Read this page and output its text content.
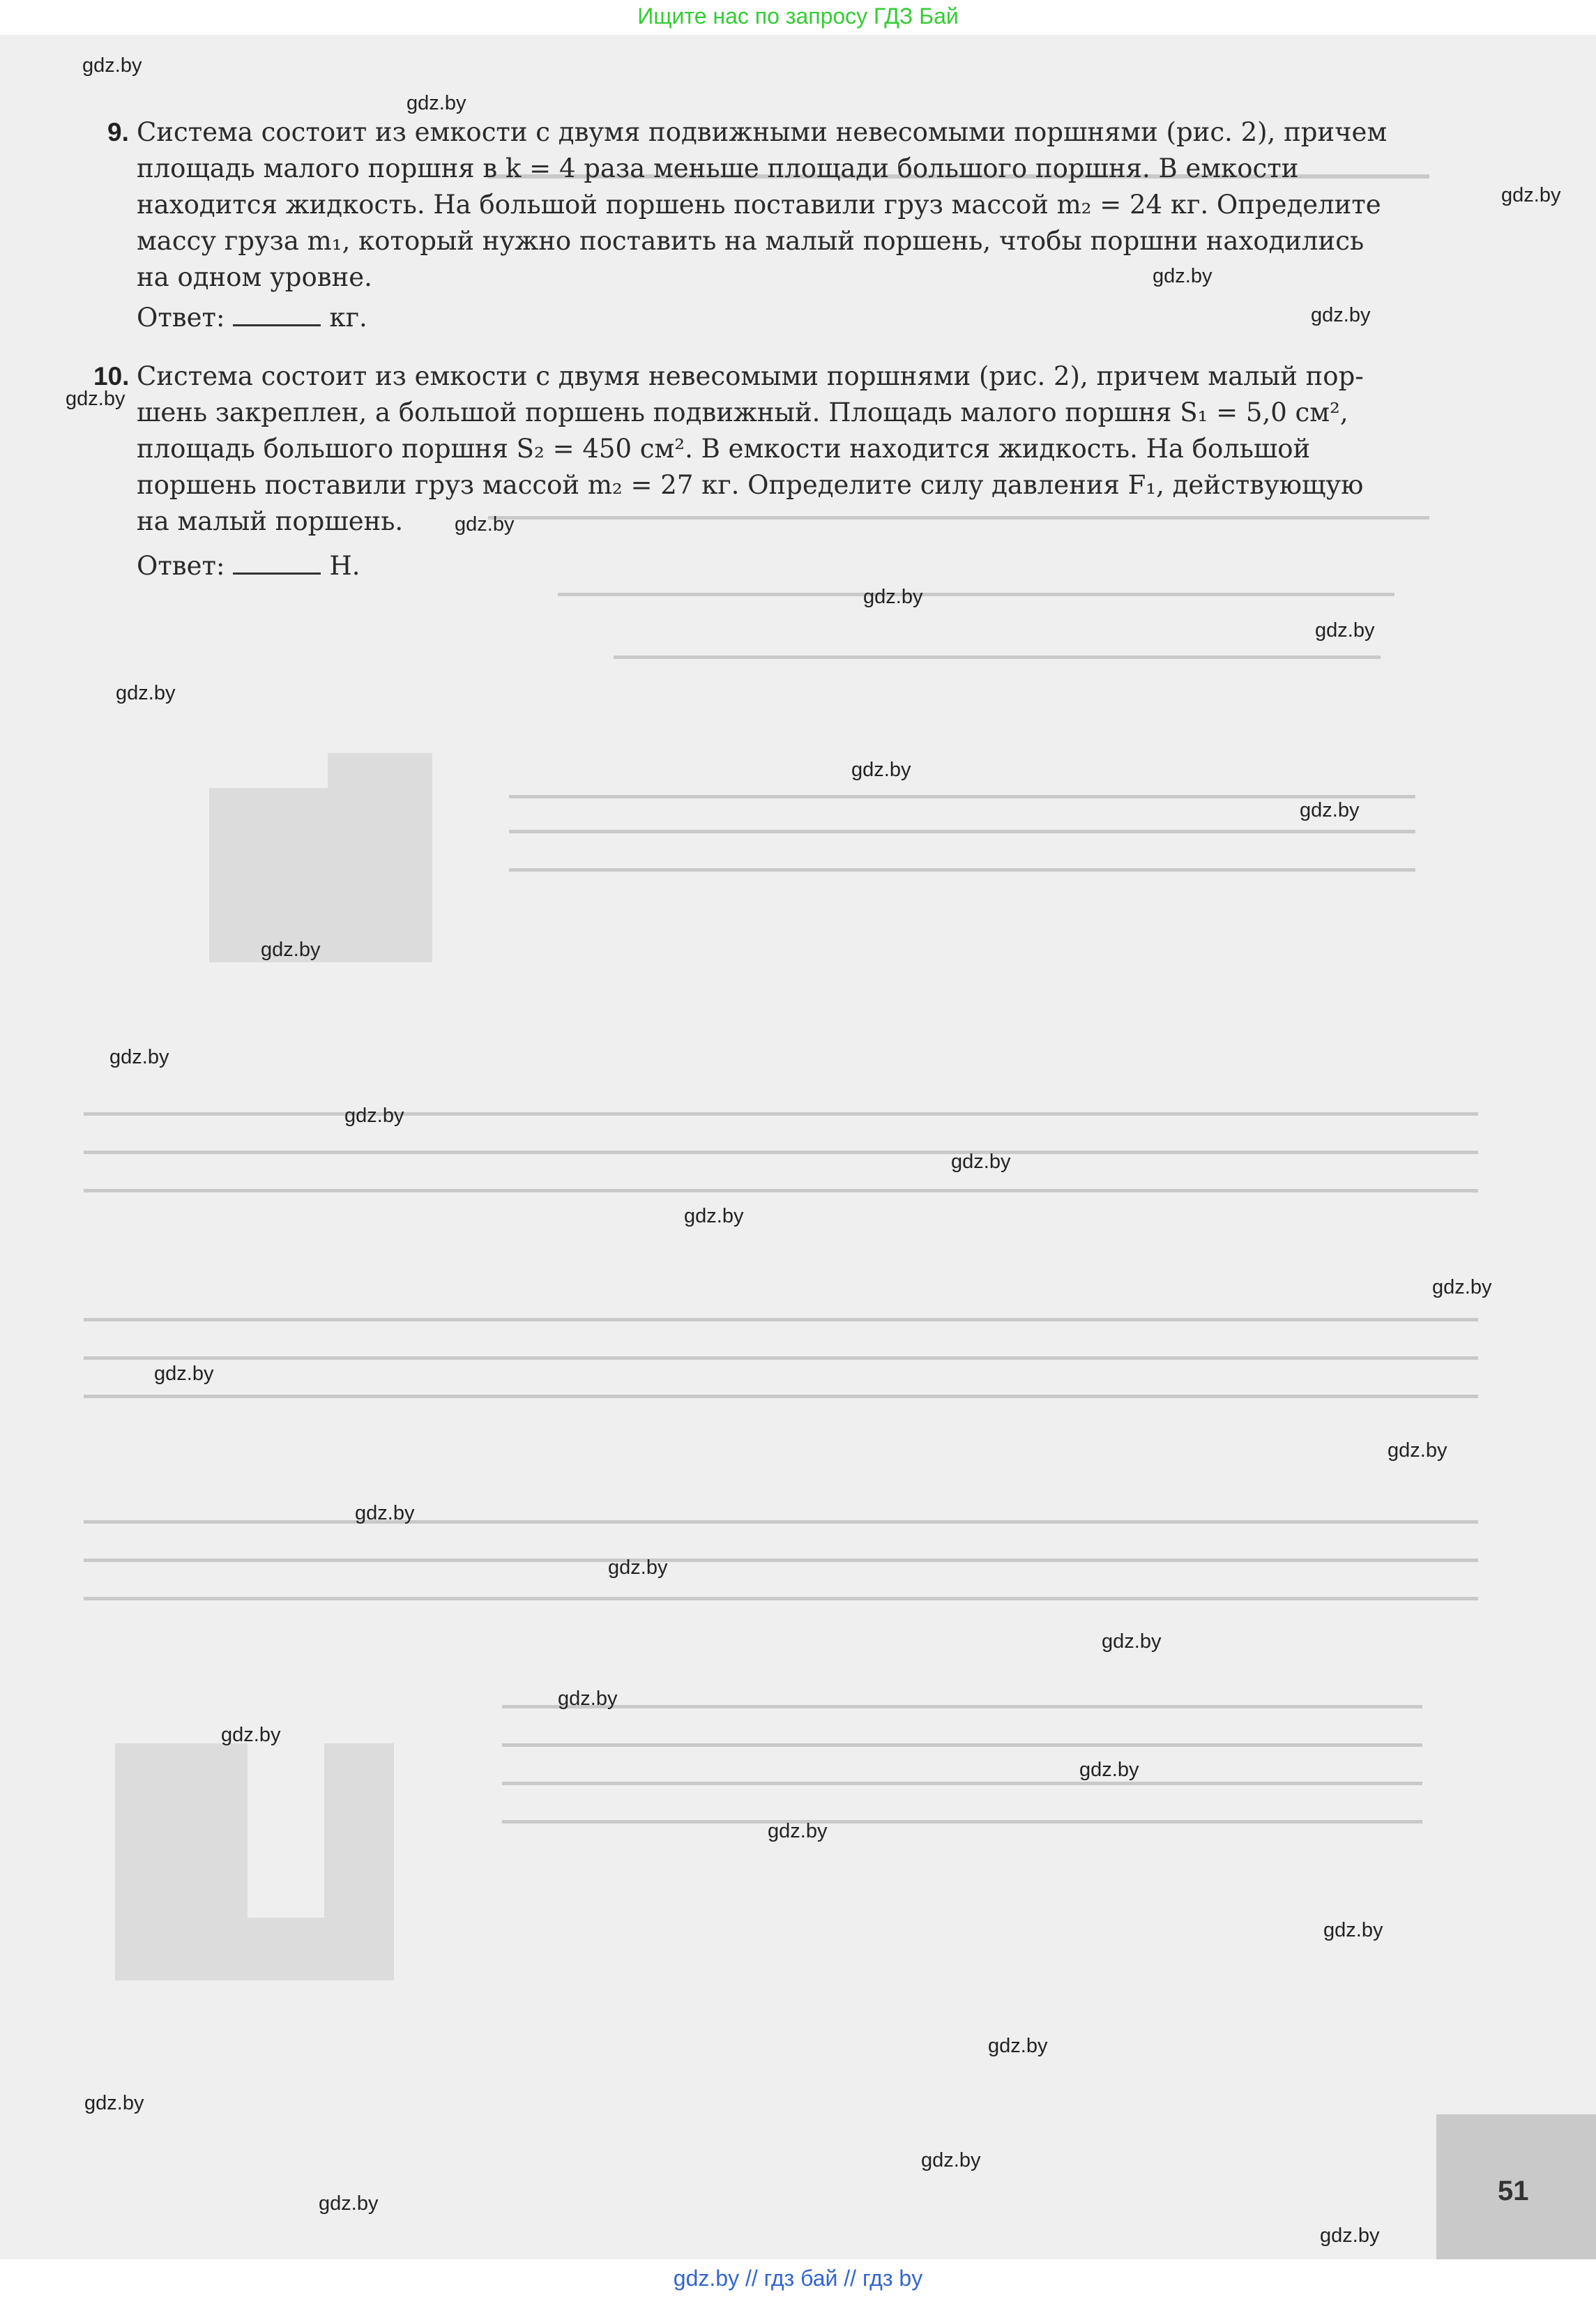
Ищите нас по запросу ГДЗ Бай
9. Система состоит из емкости с двумя подвижными невесомыми поршнями (рис. 2), причем
площадь малого поршня в k = 4 раза меньше площади большого поршня. В емкости
находится жидкость. На большой поршень поставили груз массой m₂ = 24 кг. Определите
массу груза m₁, который нужно поставить на малый поршень, чтобы поршни находились
на одном уровне.
Ответ:	кг.
10. Система состоит из емкости с двумя невесомыми поршнями (рис. 2), причем малый пор-
шень закреплен, а большой поршень подвижный. Площадь малого поршня S₁ = 5,0 см²,
площадь большого поршня S₂ = 450 см². В емкости находится жидкость. На большой
поршень поставили груз массой m₂ = 27 кг. Определите силу давления F₁, действующую
на малый поршень.
Ответ:	Н.
gdz.by
gdz.by
gdz.by
gdz.by
gdz.by
gdz.by
gdz.by
gdz.by
gdz.by
gdz.by
gdz.by
gdz.by
gdz.by
gdz.by
gdz.by
gdz.by
gdz.by
gdz.by
gdz.by
gdz.by
gdz.by
gdz.by
gdz.by
gdz.by
gdz.by
gdz.by
gdz.by
gdz.by
gdz.by
gdz.by
gdz.by
gdz.by
gdz.by
51
gdz.by // гдз бай // гдз by
